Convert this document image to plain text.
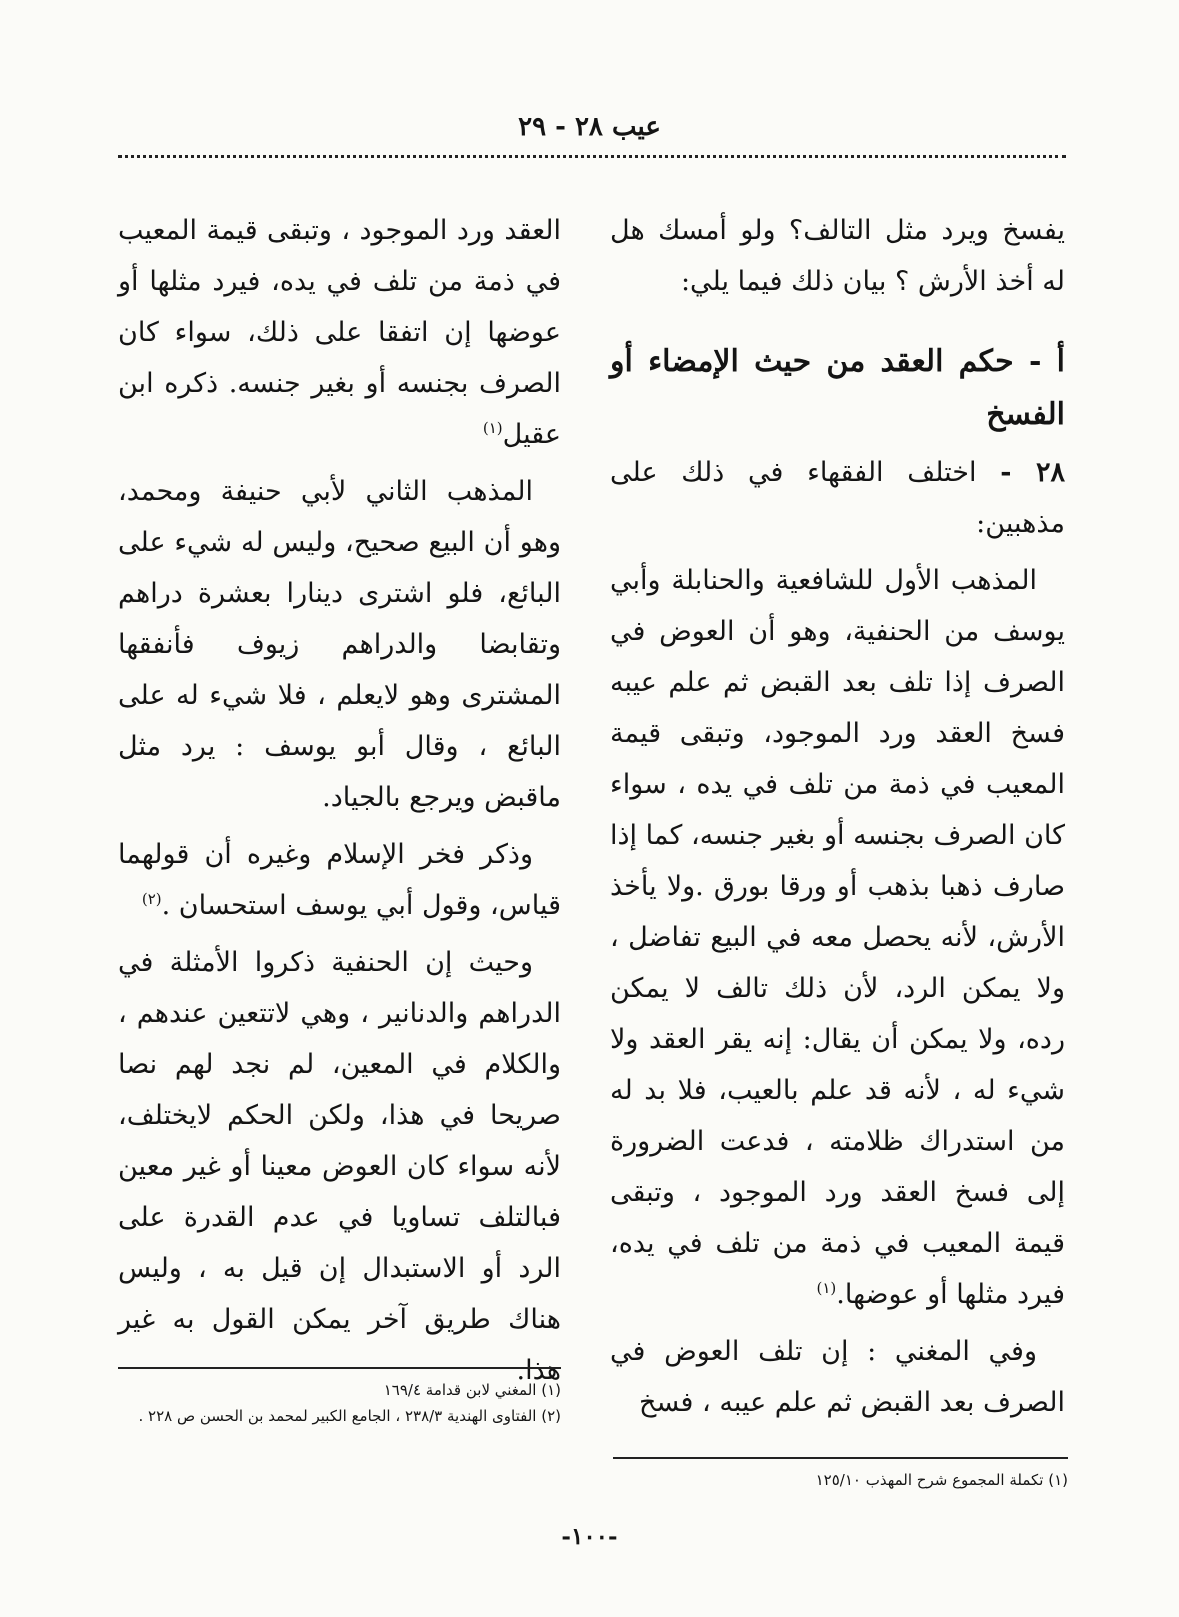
عيب ٢٨ - ٢٩

يفسخ ويرد مثل التالف؟ ولو أمسك هل له أخذ الأرش ؟ بيان ذلك فيما يلي:

أ - حكم العقد من حيث الإمضاء أو الفسخ

٢٨ - اختلف الفقهاء في ذلك على مذهبين:

المذهب الأول للشافعية والحنابلة وأبي يوسف من الحنفية، وهو أن العوض في الصرف إذا تلف بعد القبض ثم علم عيبه فسخ العقد ورد الموجود، وتبقى قيمة المعيب في ذمة من تلف في يده ، سواء كان الصرف بجنسه أو بغير جنسه، كما إذا صارف ذهبا بذهب أو ورقا بورق .ولا يأخذ الأرش، لأنه يحصل معه في البيع تفاضل ، ولا يمكن الرد، لأن ذلك تالف لا يمكن رده، ولا يمكن أن يقال: إنه يقر العقد ولا شيء له ، لأنه قد علم بالعيب، فلا بد له من استدراك ظلامته ، فدعت الضرورة إلى فسخ العقد ورد الموجود ، وتبقى قيمة المعيب في ذمة من تلف في يده، فيرد مثلها أو عوضها.$^{(١)}$

وفي المغني : إن تلف العوض في الصرف بعد القبض ثم علم عيبه ، فسخ

العقد ورد الموجود ، وتبقى قيمة المعيب في ذمة من تلف في يده، فيرد مثلها أو عوضها إن اتفقا على ذلك، سواء كان الصرف بجنسه أو بغير جنسه. ذكره ابن عقيل$^{(١)}$

المذهب الثاني لأبي حنيفة ومحمد، وهو أن البيع صحيح، وليس له شيء على البائع، فلو اشترى دينارا بعشرة دراهم وتقابضا والدراهم زيوف فأنفقها المشترى وهو لايعلم ، فلا شيء له على البائع ، وقال أبو يوسف : يرد مثل ماقبض ويرجع بالجياد.

وذكر فخر الإسلام وغيره أن قولهما قياس، وقول أبي يوسف استحسان .$^{(٢)}$

وحيث إن الحنفية ذكروا الأمثلة في الدراهم والدنانير ، وهي لاتتعين عندهم ، والكلام في المعين، لم نجد لهم نصا صريحا في هذا، ولكن الحكم لايختلف، لأنه سواء كان العوض معينا أو غير معين فبالتلف تساويا في عدم القدرة على الرد أو الاستبدال إن قيل به ، وليس هناك طريق آخر يمكن القول به غير هذا.

(١) المغني لابن قدامة ١٦٩/٤
(٢) الفتاوى الهندية ٢٣٨/٣ ، الجامع الكبير لمحمد بن الحسن ص ٢٢٨ .
(١) تكملة المجموع شرح المهذب ١٢٥/١٠
-١٠٠-
